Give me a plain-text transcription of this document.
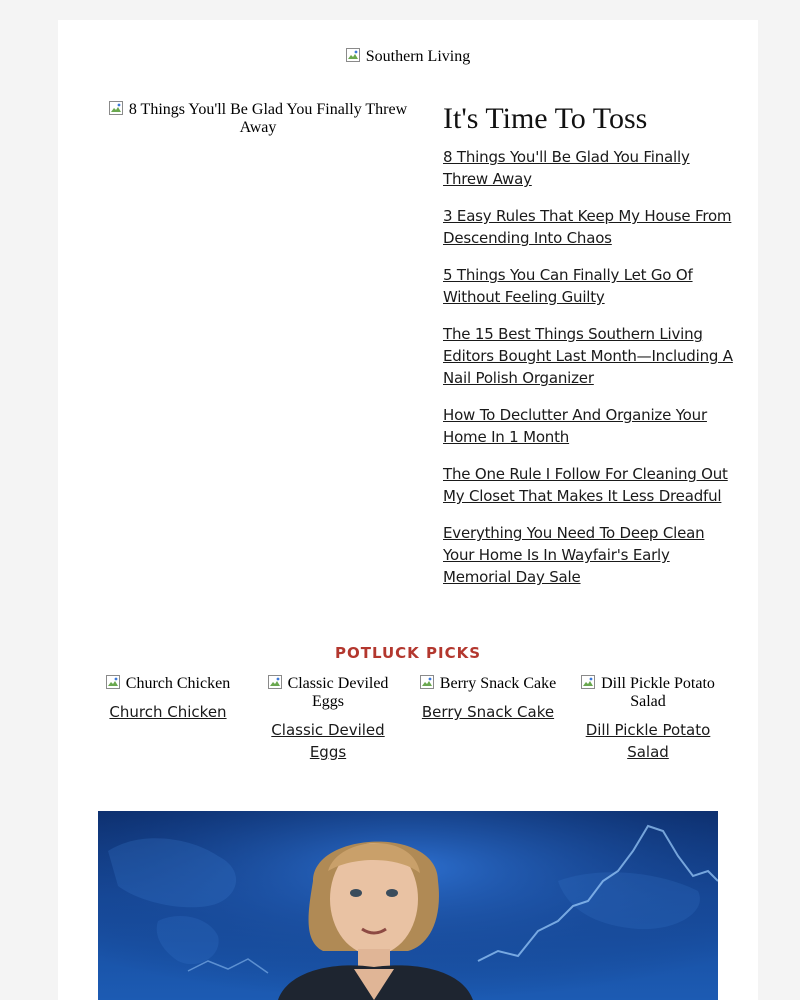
Southern Living
8 Things You'll Be Glad You Finally Threw Away	It's Time To Toss
8 Things You'll Be Glad You Finally Threw Away
3 Easy Rules That Keep My House From Descending Into Chaos
5 Things You Can Finally Let Go Of Without Feeling Guilty
The 15 Best Things Southern Living Editors Bought Last Month—Including A Nail Polish Organizer
How To Declutter And Organize Your Home In 1 Month
The One Rule I Follow For Cleaning Out My Closet That Makes It Less Dreadful
Everything You Need To Deep Clean Your Home Is In Wayfair's Early Memorial Day Sale
POTLUCK PICKS
Church Chicken
Church Chicken
Classic Deviled Eggs
Classic Deviled Eggs
Berry Snack Cake
Berry Snack Cake
Dill Pickle Potato Salad
Dill Pickle Potato Salad
